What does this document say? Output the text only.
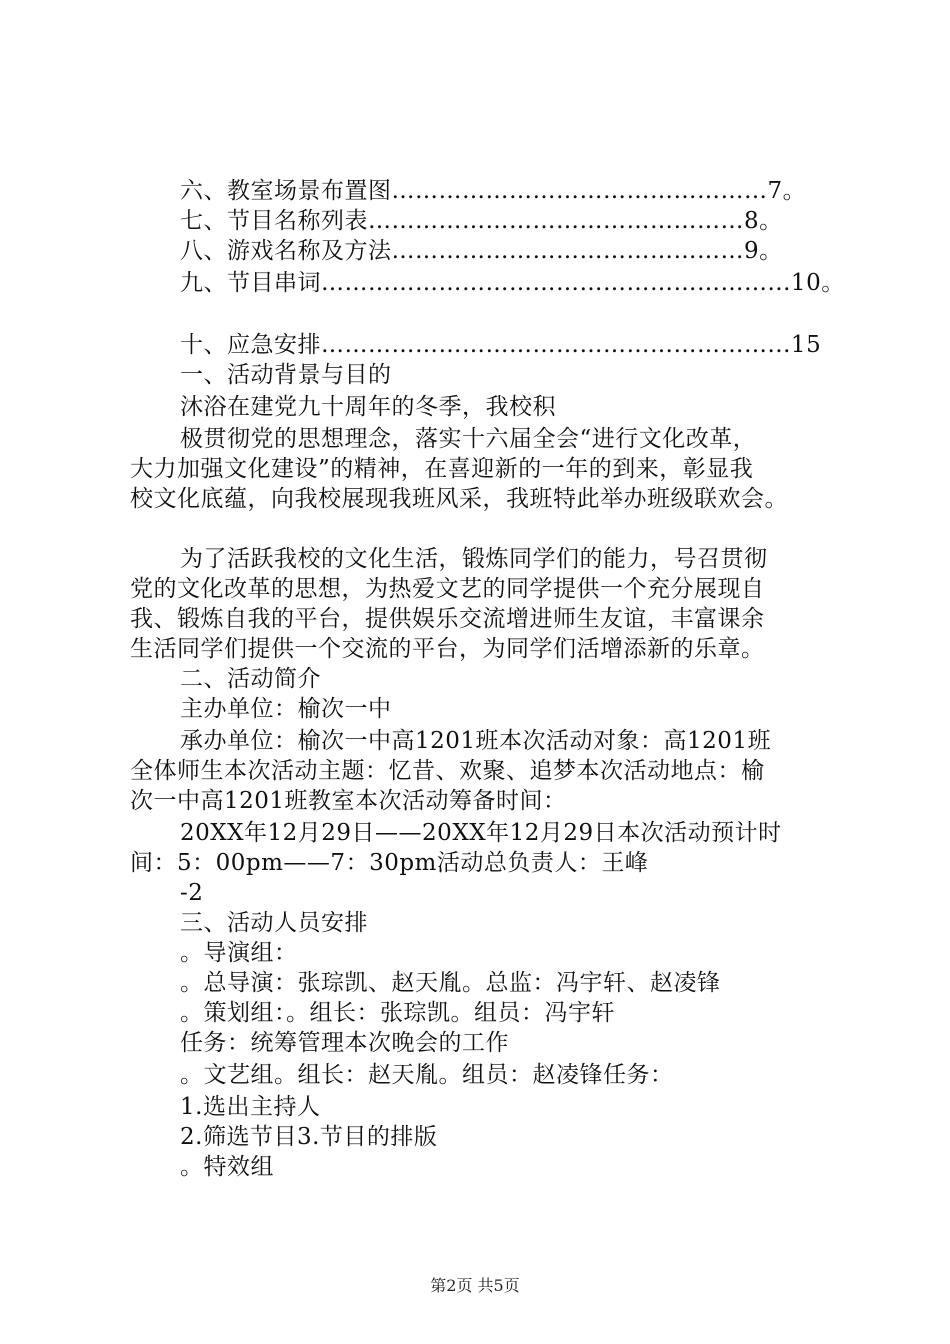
六、教室场景布置图…………………………………………7。
七、节目名称列表…………………………………………8。
八、游戏名称及方法………………………………………9。
九、节目串词…………………………………………………...10。
十、应急安排…………………………………………………...15
一、活动背景与目的
沐浴在建党九十周年的冬季，我校积
极贯彻党的思想理念，落实十六届全会“进行文化改革，
大力加强文化建设”的精神，在喜迎新的一年的到来，彰显我
校文化底蕴，向我校展现我班风采，我班特此举办班级联欢会。
为了活跃我校的文化生活，锻炼同学们的能力，号召贯彻
党的文化改革的思想，为热爱文艺的同学提供一个充分展现自
我、锻炼自我的平台，提供娱乐交流增进师生友谊，丰富课余
生活同学们提供一个交流的平台，为同学们活增添新的乐章。
二、活动简介
主办单位：榆次一中
承办单位：榆次一中高1201班本次活动对象：高1201班
全体师生本次活动主题：忆昔、欢聚、追梦本次活动地点：榆
次一中高1201班教室本次活动筹备时间：
20XX年12月29日——20XX年12月29日本次活动预计时
间：5：00pm——7：30pm活动总负责人：王峰
-2
三、活动人员安排
。导演组：
。总导演：张琮凯、赵天胤。总监：冯宇轩、赵凌锋
。策划组：。组长：张琮凯。组员：冯宇轩
任务：统筹管理本次晚会的工作
。文艺组。组长：赵天胤。组员：赵凌锋任务：
1.选出主持人
2.筛选节目3.节目的排版
。特效组
第2页 共5页
